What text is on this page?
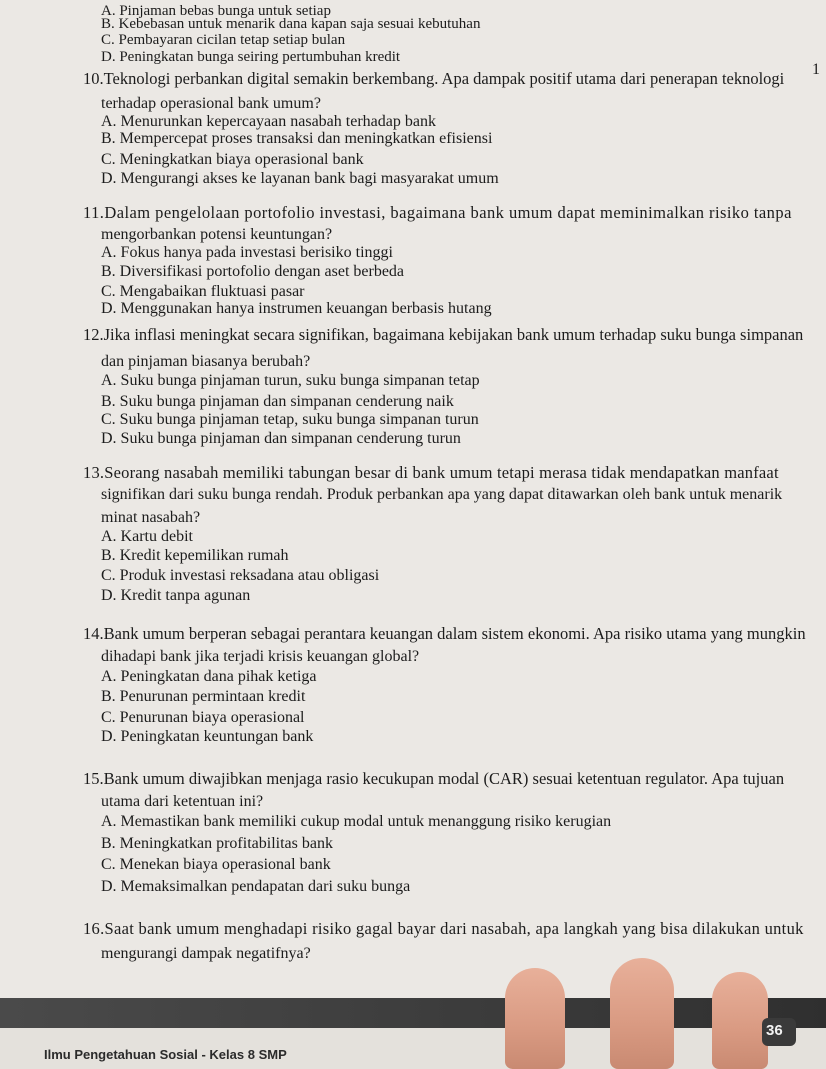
A. Pinjaman bebas bunga untuk setiap
B. Kebebasan untuk menarik dana kapan saja sesuai kebutuhan
C. Pembayaran cicilan tetap setiap bulan
D. Peningkatan bunga seiring pertumbuhan kredit
10.Teknologi perbankan digital semakin berkembang. Apa dampak positif utama dari penerapan teknologi 1
terhadap operasional bank umum?
A. Menurunkan kepercayaan nasabah terhadap bank
B. Mempercepat proses transaksi dan meningkatkan efisiensi
C. Meningkatkan biaya operasional bank
D. Mengurangi akses ke layanan bank bagi masyarakat umum
11.Dalam pengelolaan portofolio investasi, bagaimana bank umum dapat meminimalkan risiko tanpa
mengorbankan potensi keuntungan?
A. Fokus hanya pada investasi berisiko tinggi
B. Diversifikasi portofolio dengan aset berbeda
C. Mengabaikan fluktuasi pasar
D. Menggunakan hanya instrumen keuangan berbasis hutang
12.Jika inflasi meningkat secara signifikan, bagaimana kebijakan bank umum terhadap suku bunga simpanan
dan pinjaman biasanya berubah?
A. Suku bunga pinjaman turun, suku bunga simpanan tetap
B. Suku bunga pinjaman dan simpanan cenderung naik
C. Suku bunga pinjaman tetap, suku bunga simpanan turun
D. Suku bunga pinjaman dan simpanan cenderung turun
13.Seorang nasabah memiliki tabungan besar di bank umum tetapi merasa tidak mendapatkan manfaat
signifikan dari suku bunga rendah. Produk perbankan apa yang dapat ditawarkan oleh bank untuk menarik
minat nasabah?
A. Kartu debit
B. Kredit kepemilikan rumah
C. Produk investasi reksadana atau obligasi
D. Kredit tanpa agunan
14.Bank umum berperan sebagai perantara keuangan dalam sistem ekonomi. Apa risiko utama yang mungkin
dihadapi bank jika terjadi krisis keuangan global?
A. Peningkatan dana pihak ketiga
B. Penurunan permintaan kredit
C. Penurunan biaya operasional
D. Peningkatan keuntungan bank
15.Bank umum diwajibkan menjaga rasio kecukupan modal (CAR) sesuai ketentuan regulator. Apa tujuan
utama dari ketentuan ini?
A. Memastikan bank memiliki cukup modal untuk menanggung risiko kerugian
B. Meningkatkan profitabilitas bank
C. Menekan biaya operasional bank
D. Memaksimalkan pendapatan dari suku bunga
16.Saat bank umum menghadapi risiko gagal bayar dari nasabah, apa langkah yang bisa dilakukan untuk
mengurangi dampak negatifnya?
36
Ilmu Pengetahuan Sosial - Kelas 8 SMP
